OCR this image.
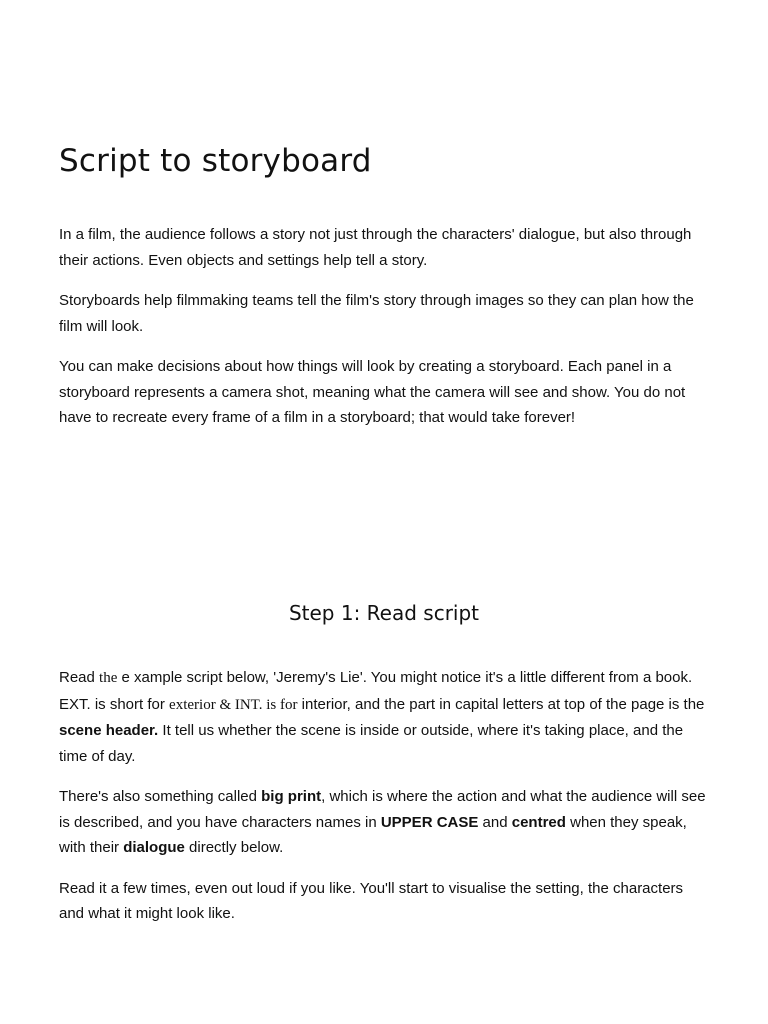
Script to storyboard

In a film, the audience follows a story not just through the characters' dialogue, but also through their actions. Even objects and settings help tell a story.

Storyboards help filmmaking teams tell the film's story through images so they can plan how the film will look.

You can make decisions about how things will look by creating a storyboard. Each panel in a storyboard represents a camera shot, meaning what the camera will see and show. You do not have to recreate every frame of a film in a storyboard; that would take forever!

Step 1: Read script

Read the e xample script below, 'Jeremy's Lie'. You might notice it's a little different from a book. EXT. is short for exterior & INT. is for interior, and the part in capital letters at top of the page is the scene header. It tell us whether the scene is inside or outside, where it's taking place, and the time of day.

There's also something called big print, which is where the action and what the audience will see is described, and you have characters names in UPPER CASE and centred when they speak, with their dialogue directly below.

Read it a few times, even out loud if you like. You'll start to visualise the setting, the characters and what it might look like.
